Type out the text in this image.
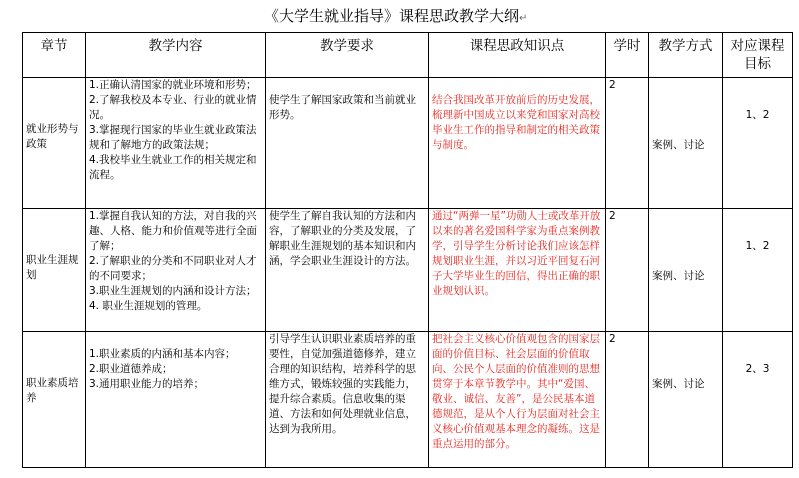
《大学生就业指导》课程思政教学大纲↵
章节	教学内容	教学要求	课程思政知识点	学时	教学方式	对应课程目标

就业形势与政策	1.正确认清国家的就业环境和形势；
2.了解我校及本专业、行业的就业情况。
3.掌握现行国家的毕业生就业政策法规和了解地方的政策法规；
4.我校毕业生就业工作的相关规定和流程。	使学生了解国家政策和当前就业形势。	结合我国改革开放前后的历史发展，梳理新中国成立以来党和国家对高校毕业生工作的指导和制定的相关政策与制度。	2	案例、讨论	1、2

职业生涯规划	1.掌握自我认知的方法，对自我的兴趣、人格、能力和价值观等进行全面了解；
2.了解职业的分类和不同职业对人才的不同要求；
3.职业生涯规划的内涵和设计方法；
4. 职业生涯规划的管理。	使学生了解自我认知的方法和内容，了解职业的分类及发展，了解职业生涯规划的基本知识和内涵，学会职业生涯设计的方法。	通过“两弹一星”功勋人士或改革开放以来的著名爱国科学家为重点案例教学，引导学生分析讨论我们应该怎样规划职业生涯，并以习近平回复石河子大学毕业生的回信，得出正确的职业规划认识。	2	案例、讨论	1、2

职业素质培养	1.职业素质的内涵和基本内容；
2.职业道德养成；
3.通用职业能力的培养；	引导学生认识职业素质培养的重要性，自觉加强道德修养，建立合理的知识结构，培养科学的思维方式，锻炼较强的实践能力，提升综合素质。信息收集的渠道、方法和如何处理就业信息，达到为我所用。	把社会主义核心价值观包含的国家层面的价值目标、社会层面的价值取向、公民个人层面的价值准则的思想贯穿于本章节教学中。其中“爱国、敬业、诚信、友善”，是公民基本道德规范，是从个人行为层面对社会主义核心价值观基本理念的凝练。这是重点运用的部分。	2	案例、讨论	2、3
